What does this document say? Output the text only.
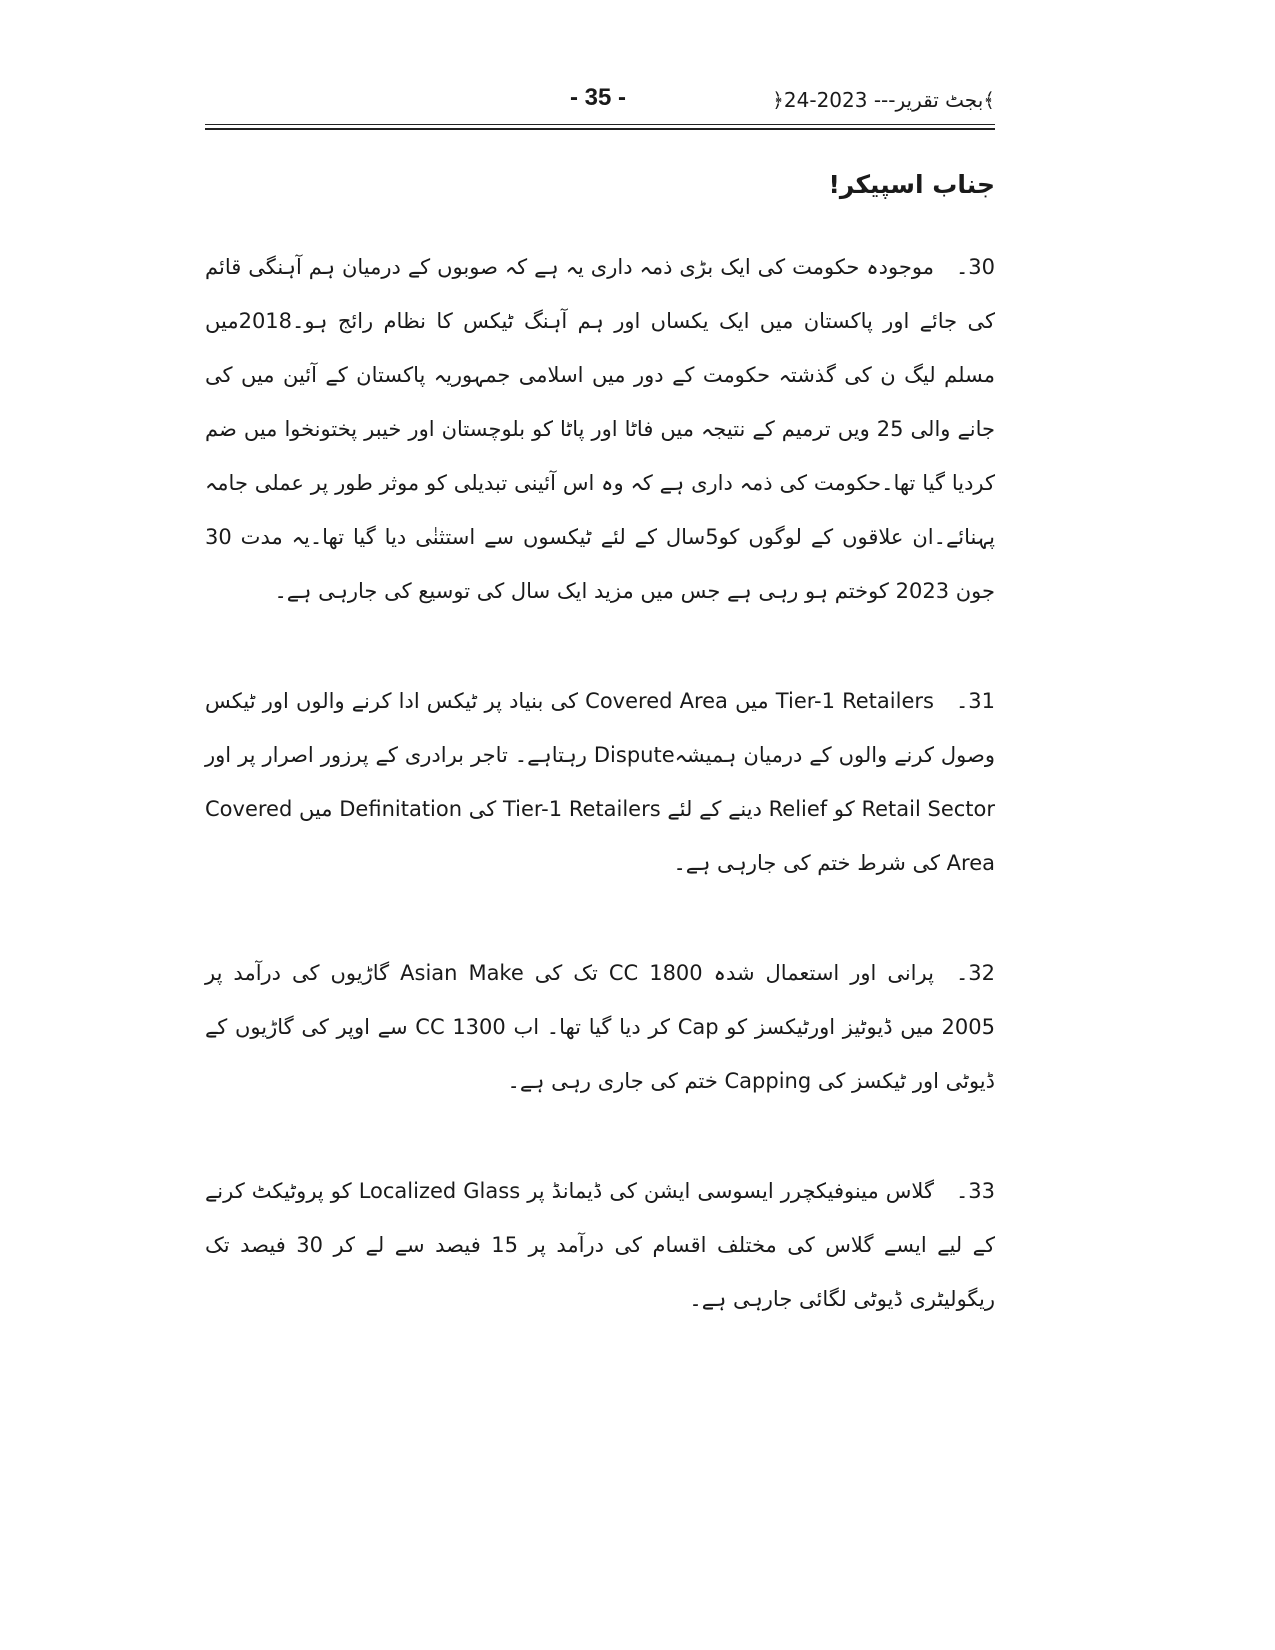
﴾بجٹ تقریر--- 2023-24﴿
- 35 -
جناب اسپیکر!

30۔موجودہ حکومت کی ایک بڑی ذمہ داری یہ ہے کہ صوبوں کے درمیان ہم آہنگی قائم کی جائے اور پاکستان میں ایک یکساں اور ہم آہنگ ٹیکس کا نظام رائج ہو۔2018میں مسلم لیگ ن کی گذشتہ حکومت کے دور میں اسلامی جمہوریہ پاکستان کے آئین میں کی جانے والی 25 ویں ترمیم کے نتیجہ میں فاٹا اور پاٹا کو بلوچستان اور خیبر پختونخوا میں ضم کردیا گیا تھا۔حکومت کی ذمہ داری ہے کہ وہ اس آئینی تبدیلی کو موثر طور پر عملی جامہ پہنائے۔ان علاقوں کے لوگوں کو5سال کے لئے ٹیکسوں سے استثنٰی دیا گیا تھا۔یہ مدت 30 جون 2023 کوختم ہو رہی ہے جس میں مزید ایک سال کی توسیع کی جارہی ہے۔

31۔Tier-1 Retailers میں Covered Area کی بنیاد پر ٹیکس ادا کرنے والوں اور ٹیکس وصول کرنے والوں کے درمیان ہمیشہDispute رہتاہے۔ تاجر برادری کے پرزور اصرار پر اور Retail Sector کو Relief دینے کے لئے Tier-1 Retailers کی Definitation میں Covered Area کی شرط ختم کی جارہی ہے۔

32۔پرانی اور استعمال شدہ 1800 CC تک کی Asian Make گاڑیوں کی درآمد پر 2005 میں ڈیوٹیز اورٹیکسز کو Cap کر دیا گیا تھا۔ اب 1300 CC سے اوپر کی گاڑیوں کے ڈیوٹی اور ٹیکسز کی Capping ختم کی جاری رہی ہے۔

33۔گلاس مینوفیکچرر ایسوسی ایشن کی ڈیمانڈ پر Localized Glass کو پروٹیکٹ کرنے کے لیے ایسے گلاس کی مختلف اقسام کی درآمد پر 15 فیصد سے لے کر 30 فیصد تک ریگولیٹری ڈیوٹی لگائی جارہی ہے۔
